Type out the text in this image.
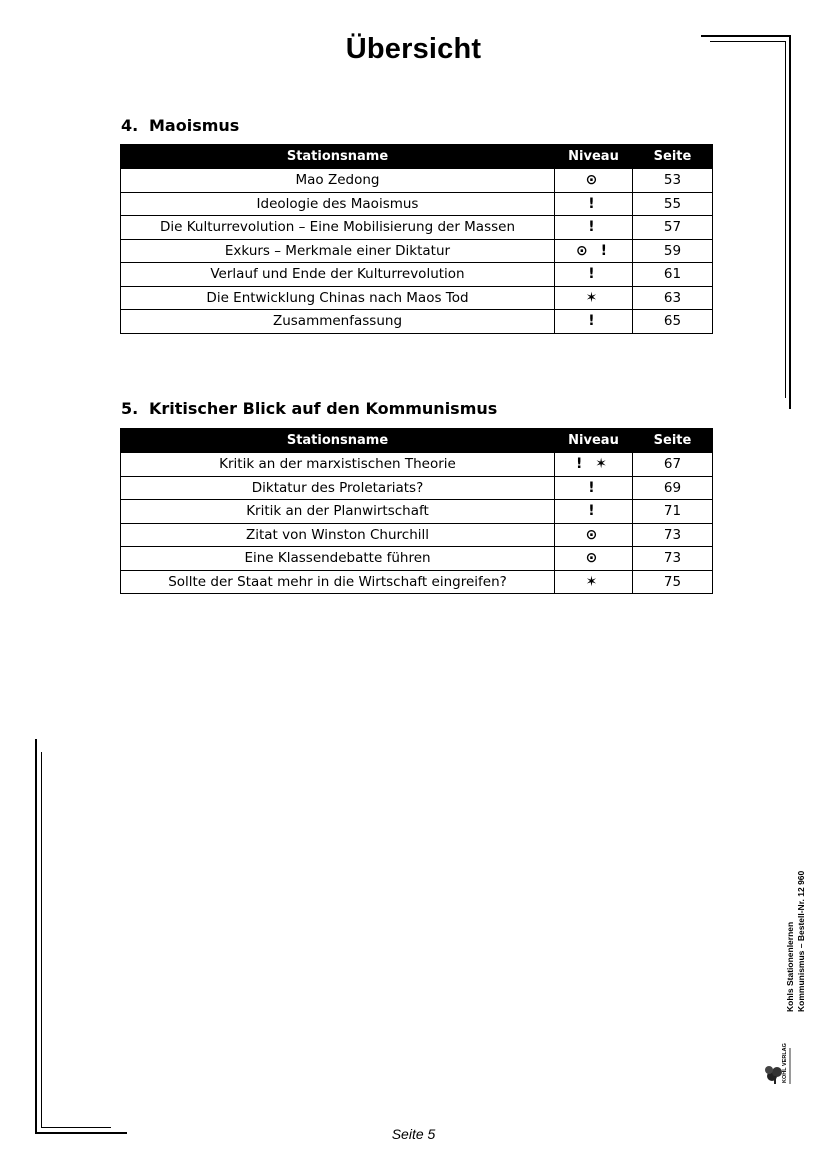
Übersicht
4. Maoismus
Stationsname	Niveau	Seite
Mao Zedong	⊙	53
Ideologie des Maoismus	!	55
Die Kulturrevolution – Eine Mobilisierung der Massen	!	57
Exkurs – Merkmale einer Diktatur	⊙ !	59
Verlauf und Ende der Kulturrevolution	!	61
Die Entwicklung Chinas nach Maos Tod	✶	63
Zusammenfassung	!	65
5. Kritischer Blick auf den Kommunismus
Stationsname	Niveau	Seite
Kritik an der marxistischen Theorie	! ✶	67
Diktatur des Proletariats?	!	69
Kritik an der Planwirtschaft	!	71
Zitat von Winston Churchill	⊙	73
Eine Klassendebatte führen	⊙	73
Sollte der Staat mehr in die Wirtschaft eingreifen?	✶	75
Kohls Stationenlernen Kommunismus – Bestell-Nr. 12 960
KOHL VERLAG
Seite 5
